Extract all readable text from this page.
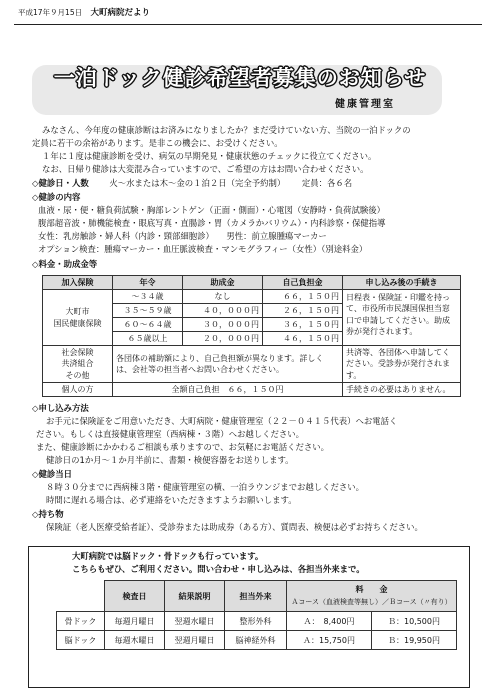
平成17年９月15日 大町病院だより
一泊ドック健診希望者募集のお知らせ
健康管理室
みなさん、今年度の健康診断はお済みになりましたか？まだ受けていない方、当院の一泊ドックの
定員に若干の余裕があります。是非この機会に、お受けください。
１年に１度は健康診断を受け、病気の早期発見・健康状態のチェックに役立てください。
なお、日帰り健診は大変混み合っていますので、ご希望の方はお問い合わせください。
◇健診日・人数 火～水または木～金の１泊２日（完全予約制） 定員：各６名
◇健診の内容
血液・尿・便・糖負荷試験・胸部レントゲン（正面・側面）・心電図（安静時・負荷試験後）
腹部超音波・肺機能検査・眼底写真・直腸診・胃（カメラかバリウム）・内科診察・保健指導
女性：乳房触診・婦人科（内診・頸部細胞診）　　男性：前立腺腫瘍マーカー
オプション検査：腫瘍マーカー・血圧脈波検査・マンモグラフィー（女性）（別途料金）
◇料金・助成金等
加入保険	年令	助成金	自己負担金	申し込み後の手続き
大町市
国民健康保険	～３４歳	なし	６６，１５０円	日程表・保険証・印鑑を持って、市役所市民課国保担当窓口で申請してください。助成券が発行されます。
	３５～５９歳	４０，０００円	２６，１５０円	
	６０～６４歳	３０，０００円	３６，１５０円	
	６５歳以上	２０，０００円	４６，１５０円	
社会保険
共済組合
その他	各団体の補助額により、自己負担額が異なります。詳しくは、会社等の担当者へお問い合わせください。			共済等、各団体へ申請してください。受診券が発行されます。
個人の方	全額自己負担　６６，１５０円			手続きの必要はありません。
◇申し込み方法
お手元に保険証をご用意いただき、大町病院・健康管理室（２２－０４１５代表）へお電話く
ださい。もしくは直接健康管理室（西病棟・３階）へお越しください。
また、健康診断にかかわるご相談も承りますので、お気軽にお電話ください。
健診日の1か月～１か月半前に、書類・検便容器をお送りします。
◇健診当日
８時３０分までに西病棟３階・健康管理室の横、一泊ラウンジまでお越しください。
時間に遅れる場合は、必ず連絡をいただきますようお願いします。
◇持ち物
保険証（老人医療受給者証）、受診券または助成券（ある方）、質問表、検便は必ずお持ちください。
大町病院では脳ドック・骨ドックも行っています。
こちらもぜひ、ご利用ください。問い合わせ・申し込みは、各担当外来まで。
	検査日	結果説明	担当外来	料　　金
Ａコース（血液検査等無し）／Ｂコース（〃有り）	

骨ドック	毎週月曜日	翌週水曜日	整形外科	Ａ：　8,400円	Ｂ：10,500円
脳ドック	毎週木曜日	翌週月曜日	脳神経外科	Ａ：15,750円	Ｂ：19,950円
